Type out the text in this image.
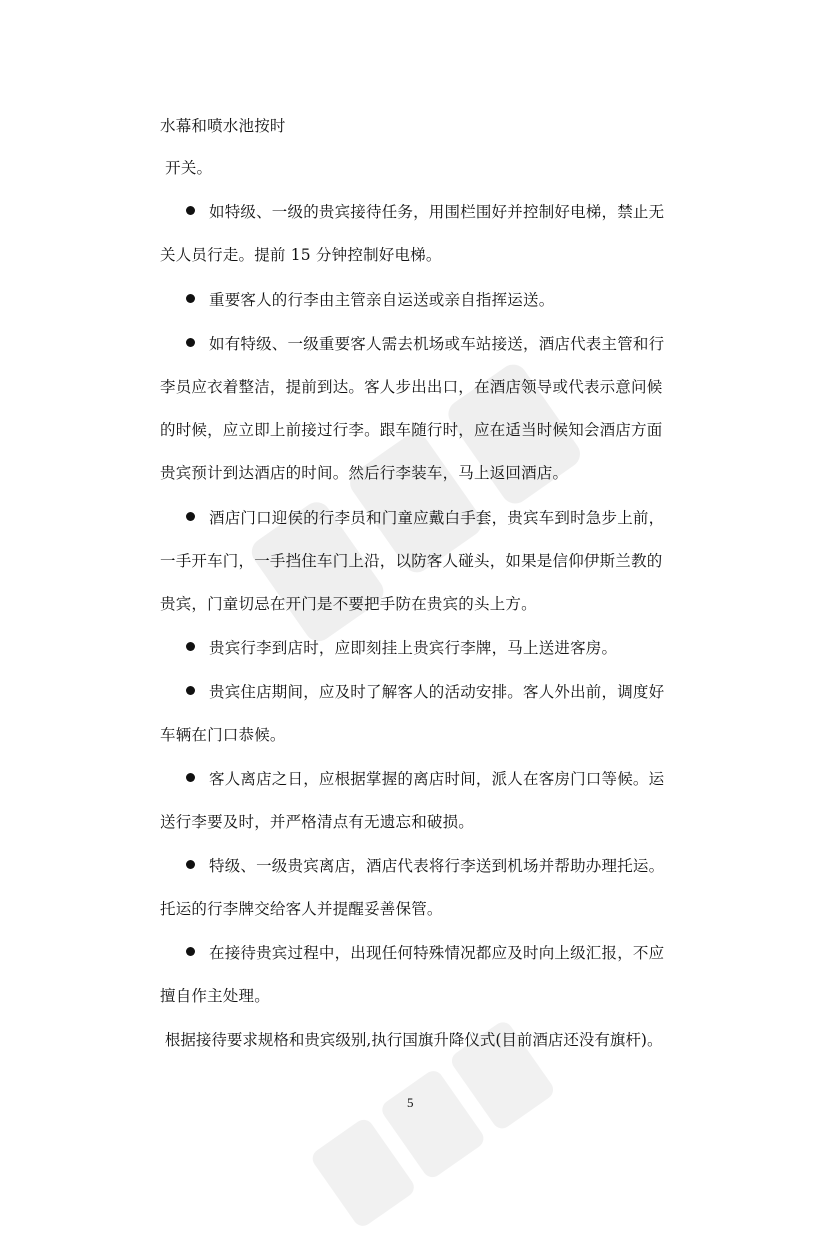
水幕和喷水池按时
开关。
如特级、一级的贵宾接待任务，用围栏围好并控制好电梯，禁止无
关人员行走。提前 15 分钟控制好电梯。
重要客人的行李由主管亲自运送或亲自指挥运送。
如有特级、一级重要客人需去机场或车站接送，酒店代表主管和行
李员应衣着整洁，提前到达。客人步出出口，在酒店领导或代表示意问候
的时候，应立即上前接过行李。跟车随行时，应在适当时候知会酒店方面
贵宾预计到达酒店的时间。然后行李装车，马上返回酒店。
酒店门口迎侯的行李员和门童应戴白手套，贵宾车到时急步上前，
一手开车门，一手挡住车门上沿，以防客人碰头，如果是信仰伊斯兰教的
贵宾，门童切忌在开门是不要把手防在贵宾的头上方。
贵宾行李到店时，应即刻挂上贵宾行李牌，马上送进客房。
贵宾住店期间，应及时了解客人的活动安排。客人外出前，调度好
车辆在门口恭候。
客人离店之日，应根据掌握的离店时间，派人在客房门口等候。运
送行李要及时，并严格清点有无遗忘和破损。
特级、一级贵宾离店，酒店代表将行李送到机场并帮助办理托运。
托运的行李牌交给客人并提醒妥善保管。
在接待贵宾过程中，出现任何特殊情况都应及时向上级汇报，不应
擅自作主处理。
根据接待要求规格和贵宾级别,执行国旗升降仪式(目前酒店还没有旗杆)。
5
